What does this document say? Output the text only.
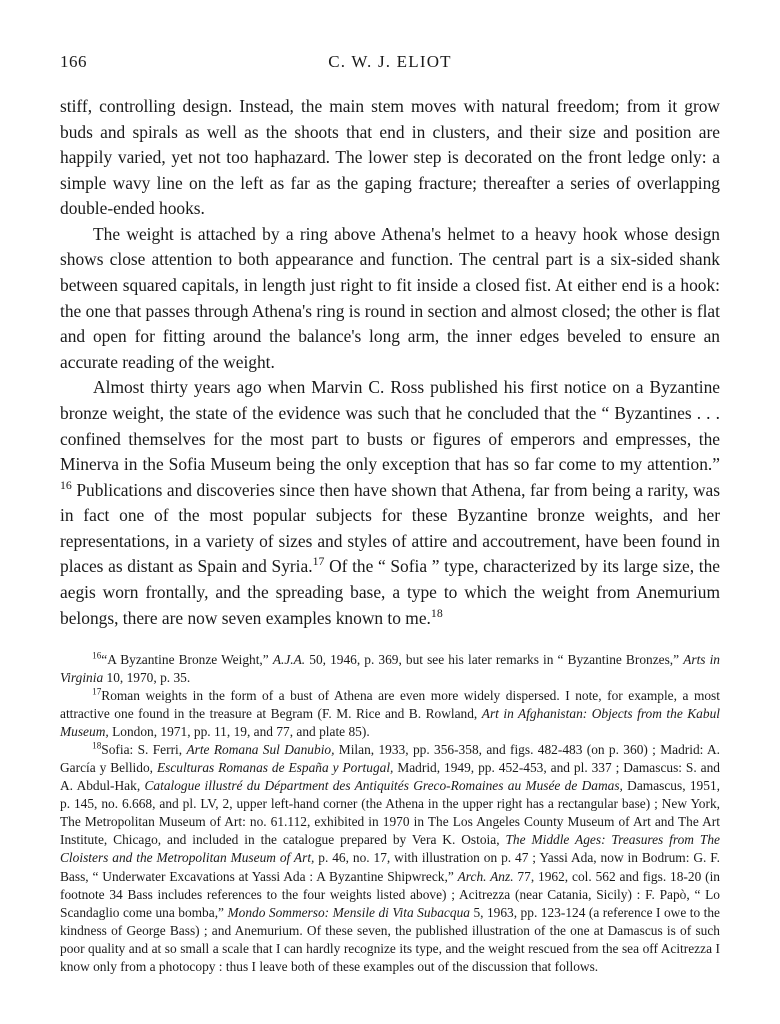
166	C. W. J. ELIOT

stiff, controlling design. Instead, the main stem moves with natural freedom; from it grow buds and spirals as well as the shoots that end in clusters, and their size and position are happily varied, yet not too haphazard. The lower step is decorated on the front ledge only: a simple wavy line on the left as far as the gaping fracture; thereafter a series of overlapping double-ended hooks.

The weight is attached by a ring above Athena's helmet to a heavy hook whose design shows close attention to both appearance and function. The central part is a six-sided shank between squared capitals, in length just right to fit inside a closed fist. At either end is a hook: the one that passes through Athena's ring is round in section and almost closed; the other is flat and open for fitting around the balance's long arm, the inner edges beveled to ensure an accurate reading of the weight.

Almost thirty years ago when Marvin C. Ross published his first notice on a Byzantine bronze weight, the state of the evidence was such that he concluded that the “ Byzantines . . . confined themselves for the most part to busts or figures of emperors and empresses, the Minerva in the Sofia Museum being the only exception that has so far come to my attention.” $^{16}$ Publications and discoveries since then have shown that Athena, far from being a rarity, was in fact one of the most popular subjects for these Byzantine bronze weights, and her representations, in a variety of sizes and styles of attire and accoutrement, have been found in places as distant as Spain and Syria.$^{17}$ Of the “ Sofia ” type, characterized by its large size, the aegis worn frontally, and the spreading base, a type to which the weight from Anemurium belongs, there are now seven examples known to me.$^{18}$

$^{16}$“A Byzantine Bronze Weight,” A.J.A. 50, 1946, p. 369, but see his later remarks in “ Byzantine Bronzes,” Arts in Virginia 10, 1970, p. 35.

$^{17}$Roman weights in the form of a bust of Athena are even more widely dispersed. I note, for example, a most attractive one found in the treasure at Begram (F. M. Rice and B. Rowland, Art in Afghanistan: Objects from the Kabul Museum, London, 1971, pp. 11, 19, and 77, and plate 85).

$^{18}$Sofia: S. Ferri, Arte Romana Sul Danubio, Milan, 1933, pp. 356-358, and figs. 482-483 (on p. 360) ; Madrid: A. García y Bellido, Esculturas Romanas de España y Portugal, Madrid, 1949, pp. 452-453, and pl. 337 ; Damascus: S. and A. Abdul-Hak, Catalogue illustré du Départment des Antiquités Greco-Romaines au Musée de Damas, Damascus, 1951, p. 145, no. 6.668, and pl. LV, 2, upper left-hand corner (the Athena in the upper right has a rectangular base) ; New York, The Metropolitan Museum of Art: no. 61.112, exhibited in 1970 in The Los Angeles County Museum of Art and The Art Institute, Chicago, and included in the catalogue prepared by Vera K. Ostoia, The Middle Ages: Treasures from The Cloisters and the Metropolitan Museum of Art, p. 46, no. 17, with illustration on p. 47 ; Yassi Ada, now in Bodrum: G. F. Bass, “ Underwater Excavations at Yassi Ada : A Byzantine Shipwreck,” Arch. Anz. 77, 1962, col. 562 and figs. 18-20 (in footnote 34 Bass includes references to the four weights listed above) ; Acitrezza (near Catania, Sicily) : F. Papò, “ Lo Scandaglio come una bomba,” Mondo Sommerso: Mensile di Vita Subacqua 5, 1963, pp. 123-124 (a reference I owe to the kindness of George Bass) ; and Anemurium. Of these seven, the published illustration of the one at Damascus is of such poor quality and at so small a scale that I can hardly recognize its type, and the weight rescued from the sea off Acitrezza I know only from a photocopy : thus I leave both of these examples out of the discussion that follows.
